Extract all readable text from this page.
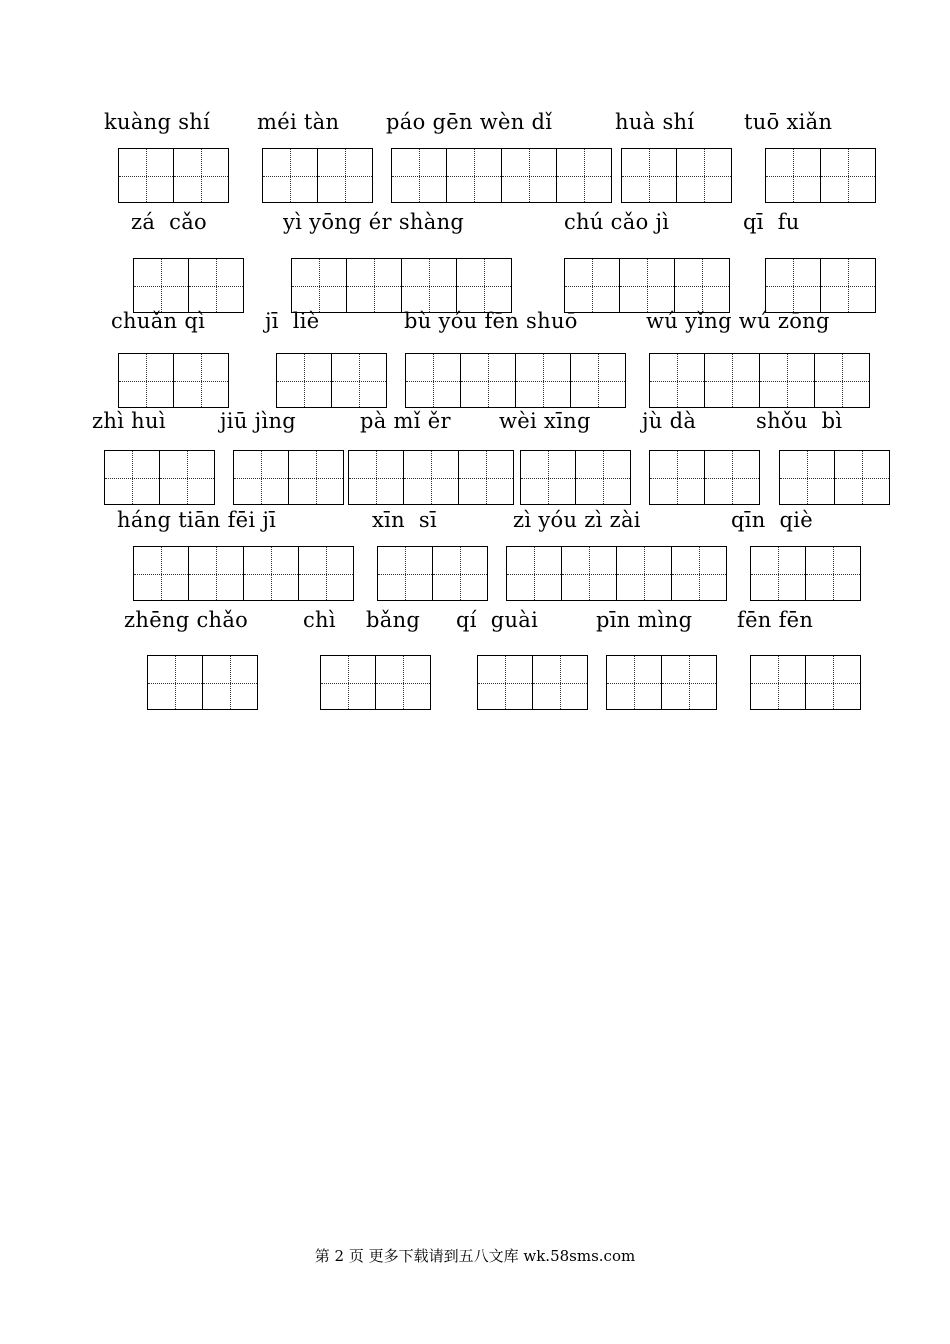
kuàng shí méi tàn páo gēn wèn dǐ	huà shí tuō xiǎn
zá  cǎo	yì yōng ér shàng	chú cǎo jì	qī  fu
chuǎn qì	jī  liè	bù yóu fēn shuō	wú yǐng wú zōng
zhì huì	jiū jìng	pà mǐ ěr wèi xīng jù dà	shǒu  bì
háng tiān fēi jī	xīn  sī	zì yóu zì zài	qīn  qiè
zhēng chǎo	chì bǎng qí  guài	pīn mìng fēn fēn
第 2 页 更多下载请到五八文库 wk.58sms.com
